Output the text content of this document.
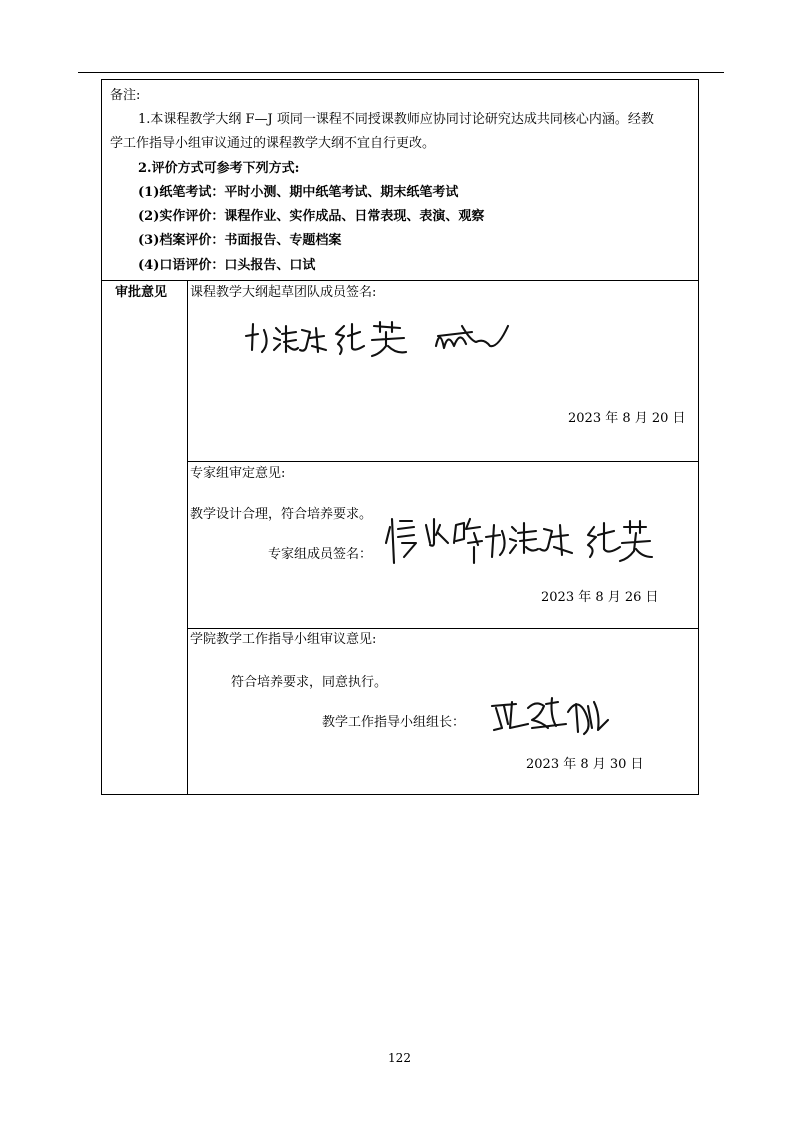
备注:
1.本课程教学大纲 F—J 项同一课程不同授课教师应协同讨论研究达成共同核心内涵。经教
学工作指导小组审议通过的课程教学大纲不宜自行更改。
2.评价方式可参考下列方式:
(1)纸笔考试：平时小测、期中纸笔考试、期末纸笔考试
(2)实作评价：课程作业、实作成品、日常表现、表演、观察
(3)档案评价：书面报告、专题档案
(4)口语评价：口头报告、口试
审批意见 课程教学大纲起草团队成员签名:
2023 年 8 月 20 日
专家组审定意见:
教学设计合理，符合培养要求。
专家组成员签名：
2023 年 8 月 26 日
学院教学工作指导小组审议意见:
符合培养要求，同意执行。
教学工作指导小组组长：
2023 年 8 月 30 日
122
